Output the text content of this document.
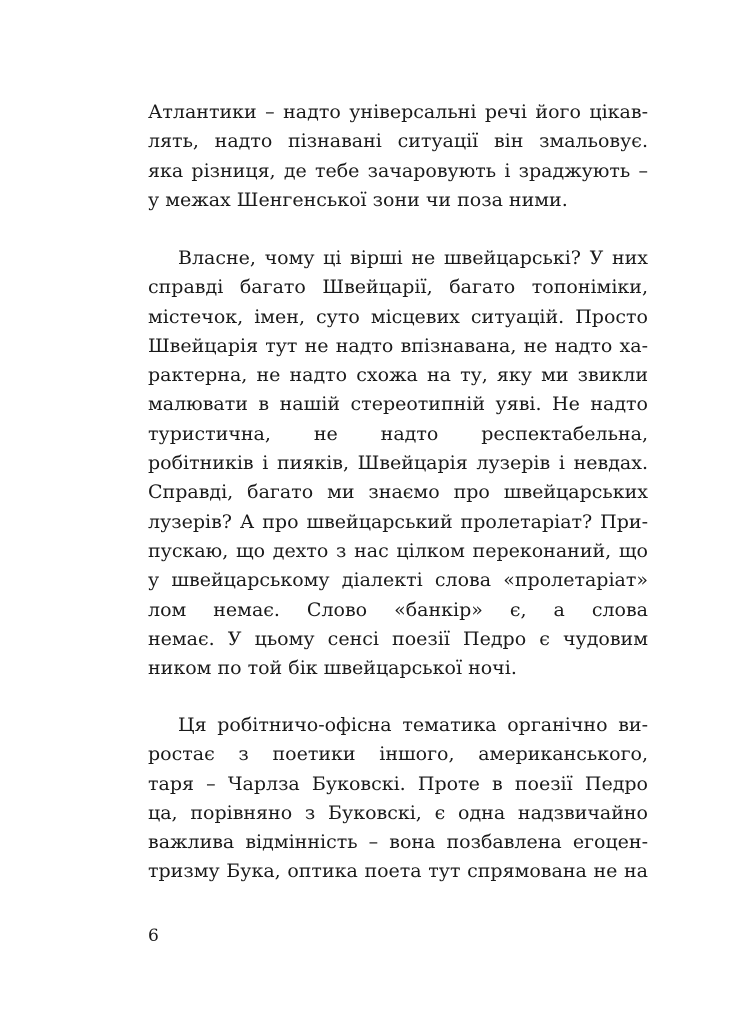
Атлантики – надто універсальні речі його цікав-
лять, надто пізнавані ситуації він змальовує.
яка різниця, де тебе зачаровують і зраджують –
у межах Шенгенської зони чи поза ними.
Власне, чому ці вірші не швейцарські? У них
справді багато Швейцарії, багато топоніміки,
містечок, імен, суто місцевих ситуацій. Просто
Швейцарія тут не надто впізнавана, не надто ха-
рактерна, не надто схожа на ту, яку ми звикли
малювати в нашій стереотипній уяві. Не надто
туристична, не надто респектабельна,
робітників і пияків, Швейцарія лузерів і невдах.
Справді, багато ми знаємо про швейцарських
лузерів? А про швейцарський пролетаріат? При-
пускаю, що дехто з нас цілком переконаний, що
у швейцарському діалекті слова «пролетаріат»
лом немає. Слово «банкір» є, а слова
немає. У цьому сенсі поезії Педро є чудовим
ником по той бік швейцарської ночі.
Ця робітничо-офісна тематика органічно ви-
ростає з поетики іншого, американського,
таря – Чарлза Буковскі. Проте в поезії Педро
ца, порівняно з Буковскі, є одна надзвичайно
важлива відмінність – вона позбавлена егоцен-
тризму Бука, оптика поета тут спрямована не на
6
